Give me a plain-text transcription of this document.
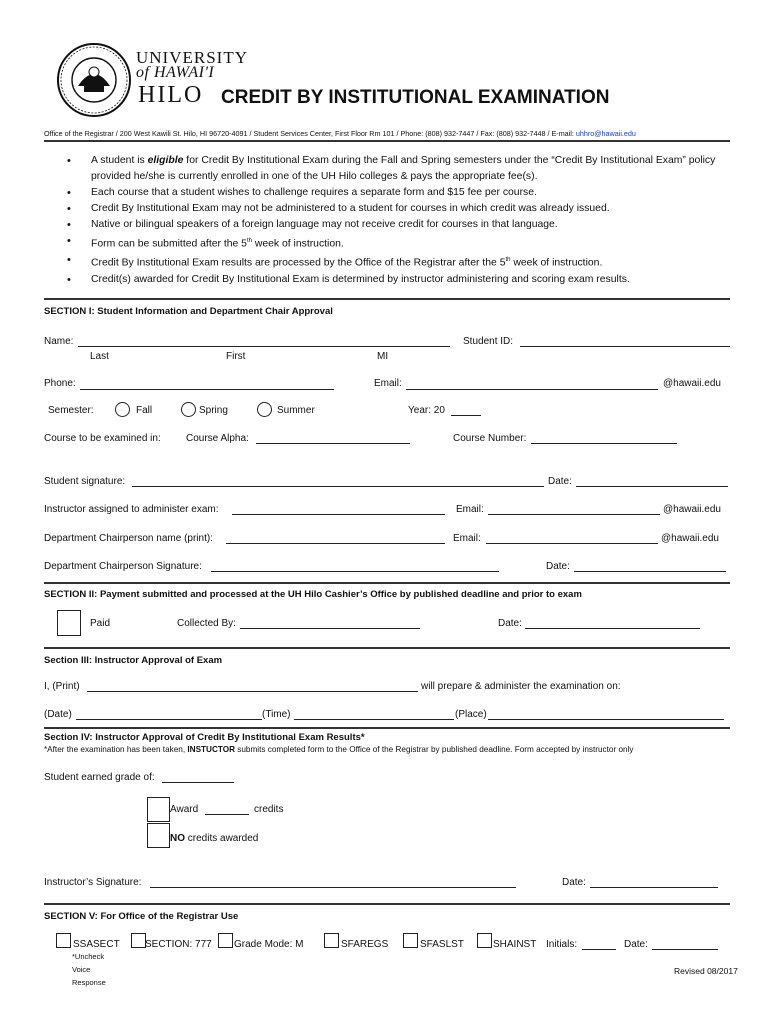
UNIVERSITY
of HAWAI'I
HILO CREDIT BY INSTITUTIONAL EXAMINATION
Office of the Registrar / 200 West Kawili St. Hilo, HI 96720-4091 / Student Services Center, First Floor Rm 101 / Phone: (808) 932-7447 / Fax: (808) 932-7448 / E-mail: uhhro@hawaii.edu
• A student is eligible for Credit By Institutional Exam during the Fall and Spring semesters under the “Credit By Institutional Exam” policy provided he/she is currently enrolled in one of the UH Hilo colleges & pays the appropriate fee(s).
• Each course that a student wishes to challenge requires a separate form and $15 fee per course.
• Credit By Institutional Exam may not be administered to a student for courses in which credit was already issued.
• Native or bilingual speakers of a foreign language may not receive credit for courses in that language.
• Form can be submitted after the 5th week of instruction.
• Credit By Institutional Exam results are processed by the Office of the Registrar after the 5th week of instruction.
• Credit(s) awarded for Credit By Institutional Exam is determined by instructor administering and scoring exam results.
SECTION I: Student Information and Department Chair Approval
Name:	Student ID:
Last	First	MI
Phone:	Email:	@hawaii.edu
Semester:	Fall	Spring	Summer	Year: 20
Course to be examined in:	Course Alpha:	Course Number:
Student signature:	Date:
Instructor assigned to administer exam:	Email:	@hawaii.edu
Department Chairperson name (print):	Email:	@hawaii.edu
Department Chairperson Signature:	Date:
SECTION II: Payment submitted and processed at the UH Hilo Cashier’s Office by published deadline and prior to exam
Paid	Collected By:	Date:
Section III: Instructor Approval of Exam
I, (Print)	will prepare & administer the examination on:
(Date)	(Time)	(Place)
Section IV: Instructor Approval of Credit By Institutional Exam Results*
*After the examination has been taken, INSTUCTOR submits completed form to the Office of the Registrar by published deadline. Form accepted by instructor only
Student earned grade of:
Award	credits
NO credits awarded
Instructor’s Signature:	Date:
SECTION V: For Office of the Registrar Use
SSASECT	SECTION: 777 Grade Mode: M	SFAREGS	SFASLST	SHAINST Initials:	Date:
*Uncheck
Voice
Response
Revised 08/2017
